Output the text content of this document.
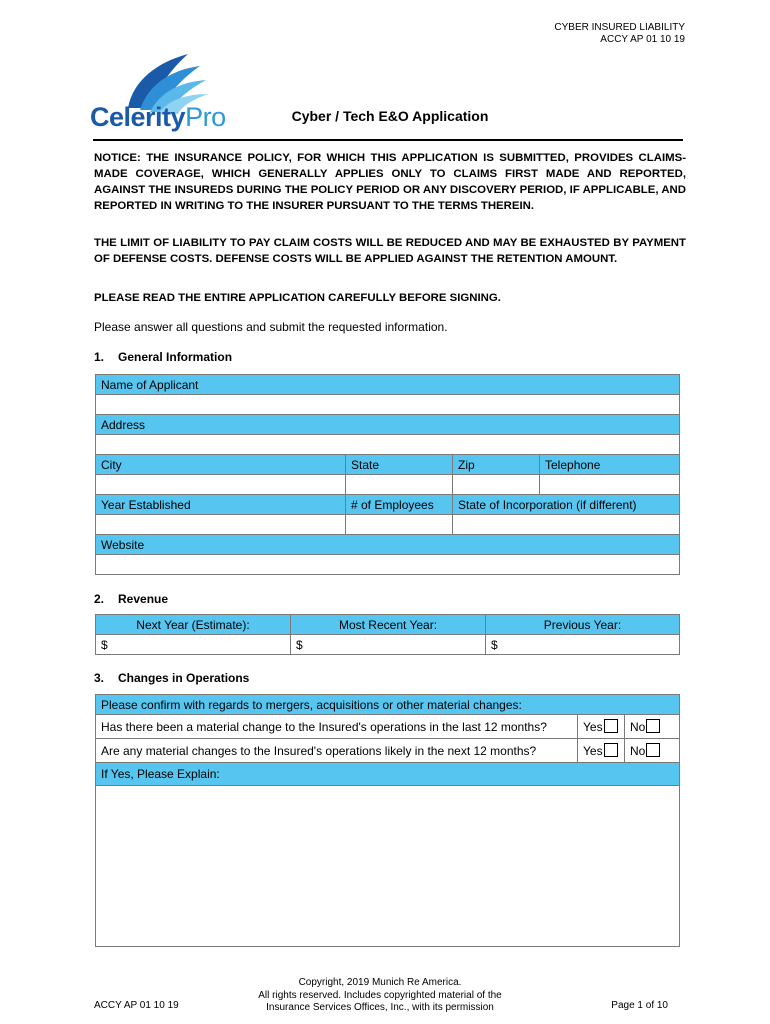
CYBER INSURED LIABILITY
ACCY AP 01 10 19
CelerityPro	Cyber / Tech E&O Application
NOTICE: THE INSURANCE POLICY, FOR WHICH THIS APPLICATION IS SUBMITTED, PROVIDES CLAIMS-MADE COVERAGE, WHICH GENERALLY APPLIES ONLY TO CLAIMS FIRST MADE AND REPORTED, AGAINST THE INSUREDS DURING THE POLICY PERIOD OR ANY DISCOVERY PERIOD, IF APPLICABLE, AND REPORTED IN WRITING TO THE INSURER PURSUANT TO THE TERMS THEREIN.
THE LIMIT OF LIABILITY TO PAY CLAIM COSTS WILL BE REDUCED AND MAY BE EXHAUSTED BY PAYMENT OF DEFENSE COSTS. DEFENSE COSTS WILL BE APPLIED AGAINST THE RETENTION AMOUNT.
PLEASE READ THE ENTIRE APPLICATION CAREFULLY BEFORE SIGNING.
Please answer all questions and submit the requested information.
1. General Information
Name of Applicant			

Address			

City	State	Zip	Telephone

Year Established	# of Employees	State of Incorporation (if different)	

Website			

2. Revenue
Next Year (Estimate):	Most Recent Year:	Previous Year:
$	$	$
3. Changes in Operations
Please confirm with regards to mergers, acquisitions or other material changes:		
Has there been a material change to the Insured's operations in the last 12 months?	Yes	No
Are any material changes to the Insured's operations likely in the next 12 months?	Yes	No
If Yes, Please Explain:		

ACCY AP 01 10 19
Copyright, 2019 Munich Re America.
All rights reserved. Includes copyrighted material of the
Insurance Services Offices, Inc., with its permission	Page 1 of 10
